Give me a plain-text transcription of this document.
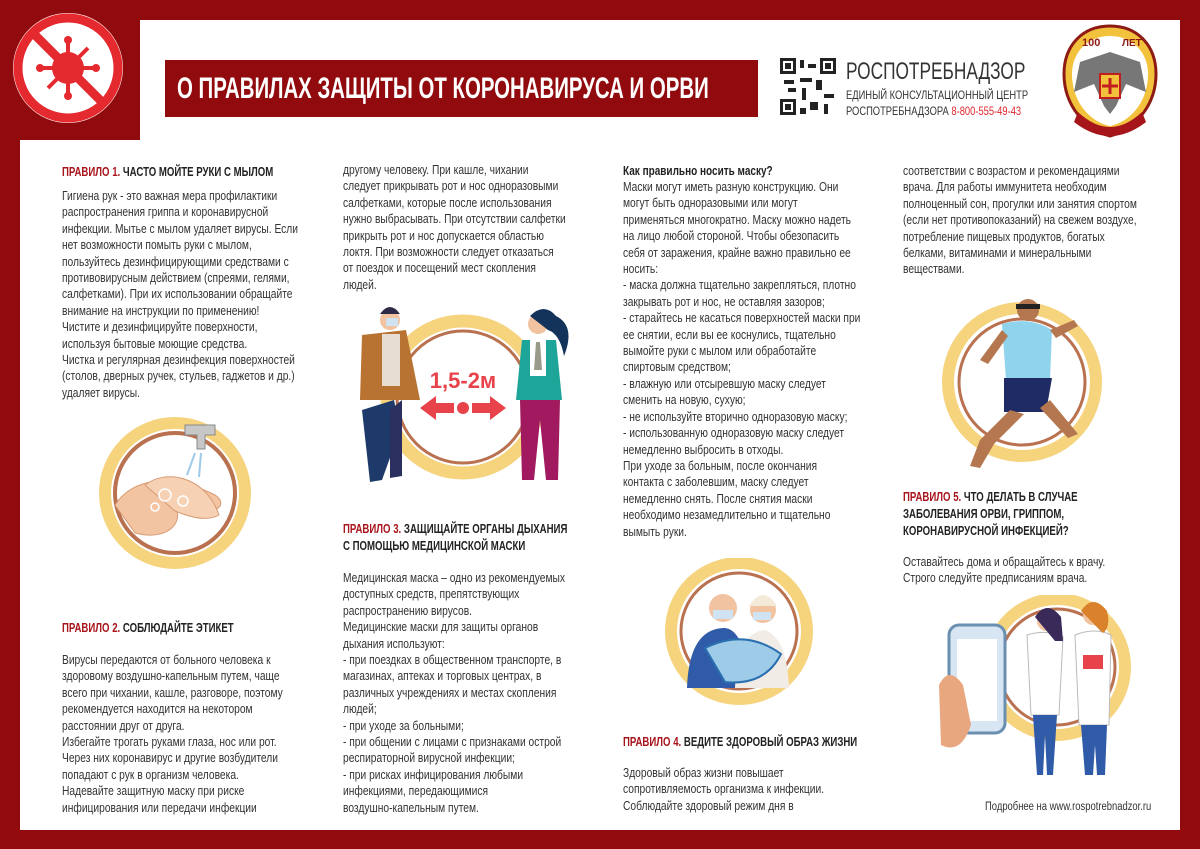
О ПРАВИЛАХ ЗАЩИТЫ ОТ КОРОНАВИРУСА И ОРВИ
РОСПОТРЕБНАДЗОР
ЕДИНЫЙ КОНСУЛЬТАЦИОННЫЙ ЦЕНТР
РОСПОТРЕБНАДЗОРА 8-800-555-49-43
100 ЛЕТ
ПРАВИЛО 1. ЧАСТО МОЙТЕ РУКИ С МЫЛОМ
Гигиена рук - это важная мера профилактики
распространения гриппа и коронавирусной
инфекции. Мытье с мылом удаляет вирусы. Если
нет возможности помыть руки с мылом,
пользуйтесь дезинфицирующими средствами с
противовирусным действием (спреями, гелями,
салфетками). При их использовании обращайте
внимание на инструкции по применению!
Чистите и дезинфицируйте поверхности,
используя бытовые моющие средства.
Чистка и регулярная дезинфекция поверхностей
(столов, дверных ручек, стульев, гаджетов и др.)
удаляет вирусы.
ПРАВИЛО 2. СОБЛЮДАЙТЕ ЭТИКЕТ
Вирусы передаются от больного человека к
здоровому воздушно-капельным путем, чаще
всего при чихании, кашле, разговоре, поэтому
рекомендуется находится на некотором
расстоянии друг от друга.
Избегайте трогать руками глаза, нос или рот.
Через них коронавирус и другие возбудители
попадают с рук в организм человека.
Надевайте защитную маску при риске
инфицирования или передачи инфекции
другому человеку. При кашле, чихании
следует прикрывать рот и нос одноразовыми
салфетками, которые после использования
нужно выбрасывать. При отсутствии салфетки
прикрыть рот и нос допускается областью
локтя. При возможности следует отказаться
от поездок и посещений мест скопления
людей.
1,5-2м
ПРАВИЛО 3. ЗАЩИЩАЙТЕ ОРГАНЫ ДЫХАНИЯ
С ПОМОЩЬЮ МЕДИЦИНСКОЙ МАСКИ
Медицинская маска – одно из рекомендуемых
доступных средств, препятствующих
распространению вирусов.
Медицинские маски для защиты органов
дыхания используют:
- при поездках в общественном транспорте, в
магазинах, аптеках и торговых центрах, в
различных учреждениях и местах скопления
людей;
- при уходе за больными;
- при общении с лицами с признаками острой
респираторной вирусной инфекции;
- при рисках инфицирования любыми
инфекциями, передающимися
воздушно-капельным путем.
Как правильно носить маску?
Маски могут иметь разную конструкцию. Они
могут быть одноразовыми или могут
применяться многократно. Маску можно надеть
на лицо любой стороной. Чтобы обезопасить
себя от заражения, крайне важно правильно ее
носить:
- маска должна тщательно закрепляться, плотно
закрывать рот и нос, не оставляя зазоров;
- старайтесь не касаться поверхностей маски при
ее снятии, если вы ее коснулись, тщательно
вымойте руки с мылом или обработайте
спиртовым средством;
- влажную или отсыревшую маску следует
сменить на новую, сухую;
- не используйте вторично одноразовую маску;
- использованную одноразовую маску следует
немедленно выбросить в отходы.
При уходе за больным, после окончания
контакта с заболевшим, маску следует
немедленно снять. После снятия маски
необходимо незамедлительно и тщательно
вымыть руки.
ПРАВИЛО 4. ВЕДИТЕ ЗДОРОВЫЙ ОБРАЗ ЖИЗНИ
Здоровый образ жизни повышает
сопротивляемость организма к инфекции.
Соблюдайте здоровый режим дня в
соответствии с возрастом и рекомендациями
врача. Для работы иммунитета необходим
полноценный сон, прогулки или занятия спортом
(если нет противопоказаний) на свежем воздухе,
потребление пищевых продуктов, богатых
белками, витаминами и минеральными
веществами.
ПРАВИЛО 5. ЧТО ДЕЛАТЬ В СЛУЧАЕ
ЗАБОЛЕВАНИЯ ОРВИ, ГРИППОМ,
КОРОНАВИРУСНОЙ ИНФЕКЦИЕЙ?
Оставайтесь дома и обращайтесь к врачу.
Строго следуйте предписаниям врача.
Подробнее на www.rospotrebnadzor.ru
